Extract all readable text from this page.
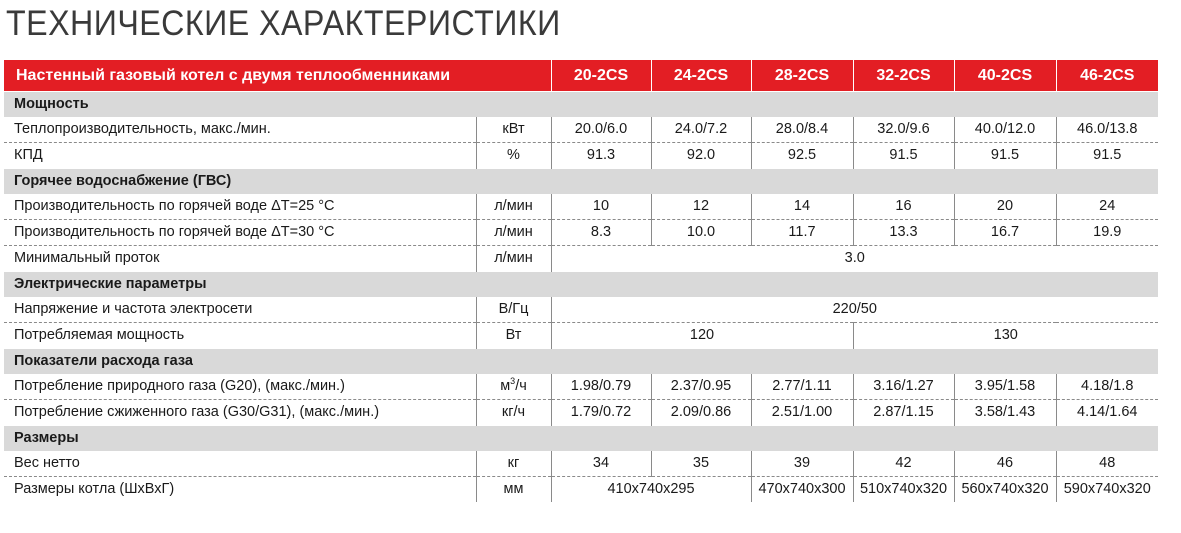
ТЕХНИЧЕСКИЕ ХАРАКТЕРИСТИКИ
Настенный газовый котел с двумя теплообменниками		20-2CS	24-2CS	28-2CS	32-2CS	40-2CS	46-2CS
Мощность							
Теплопроизводительность, макс./мин.	кВт	20.0/6.0	24.0/7.2	28.0/8.4	32.0/9.6	40.0/12.0	46.0/13.8
КПД	%	91.3	92.0	92.5	91.5	91.5	91.5
Горячее водоснабжение (ГВС)							
Производительность по горячей воде ΔT=25 °C	л/мин	10	12	14	16	20	24
Производительность по горячей воде ΔT=30 °C	л/мин	8.3	10.0	11.7	13.3	16.7	19.9
Минимальный проток	л/мин	3.0					
Электрические параметры							
Напряжение и частота электросети	В/Гц	220/50					
Потребляемая мощность	Вт	120			130		
Показатели расхода газа							
Потребление природного газа (G20), (макс./мин.)	$м^3/ч$	1.98/0.79	2.37/0.95	2.77/1.11	3.16/1.27	3.95/1.58	4.18/1.8
Потребление сжиженного газа (G30/G31), (макс./мин.)	кг/ч	1.79/0.72	2.09/0.86	2.51/1.00	2.87/1.15	3.58/1.43	4.14/1.64
Размеры							
Вес нетто	кг	34	35	39	42	46	48
Размеры котла (ШхВхГ)	мм	410x740x295		470x740x300	510x740x320	560x740x320	590x740x320
